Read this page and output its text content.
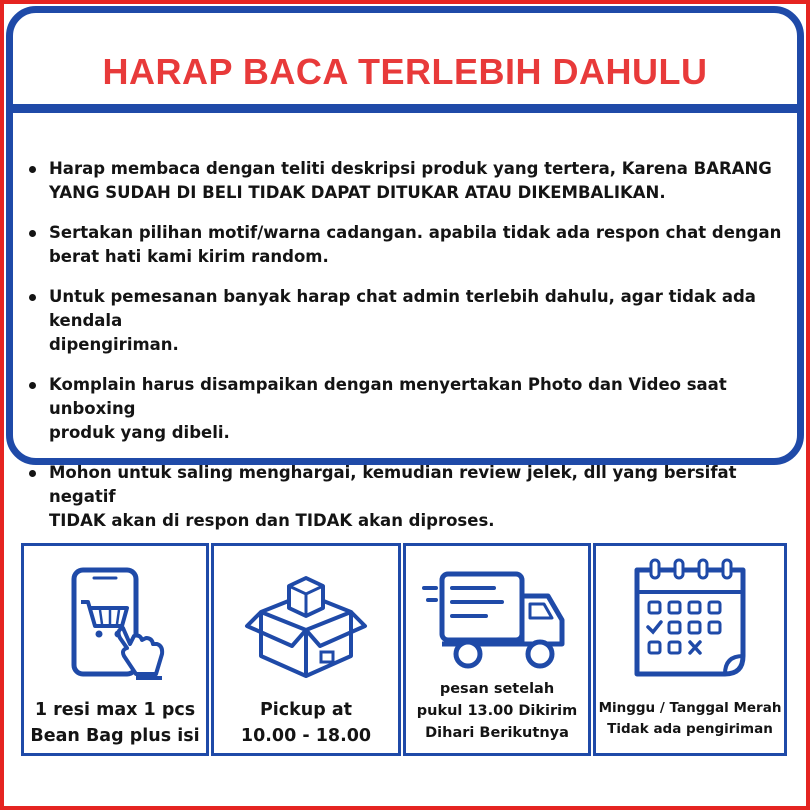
HARAP BACA TERLEBIH DAHULU
Harap membaca dengan teliti deskripsi produk yang tertera, Karena BARANG
YANG SUDAH DI BELI TIDAK DAPAT DITUKAR ATAU DIKEMBALIKAN.
Sertakan pilihan motif/warna cadangan. apabila tidak ada respon chat dengan
berat hati kami kirim random.
Untuk pemesanan banyak harap chat admin terlebih dahulu, agar tidak ada kendala
dipengiriman.
Komplain harus disampaikan dengan menyertakan Photo dan Video saat unboxing
produk yang dibeli.
Mohon untuk saling menghargai, kemudian review jelek, dll yang bersifat negatif
TIDAK akan di respon dan TIDAK akan diproses.
1 resi max 1 pcs
Bean Bag plus isi
Pickup at
10.00 - 18.00
pesan setelah
pukul 13.00 Dikirim
Dihari Berikutnya
Minggu / Tanggal Merah
Tidak ada pengiriman
